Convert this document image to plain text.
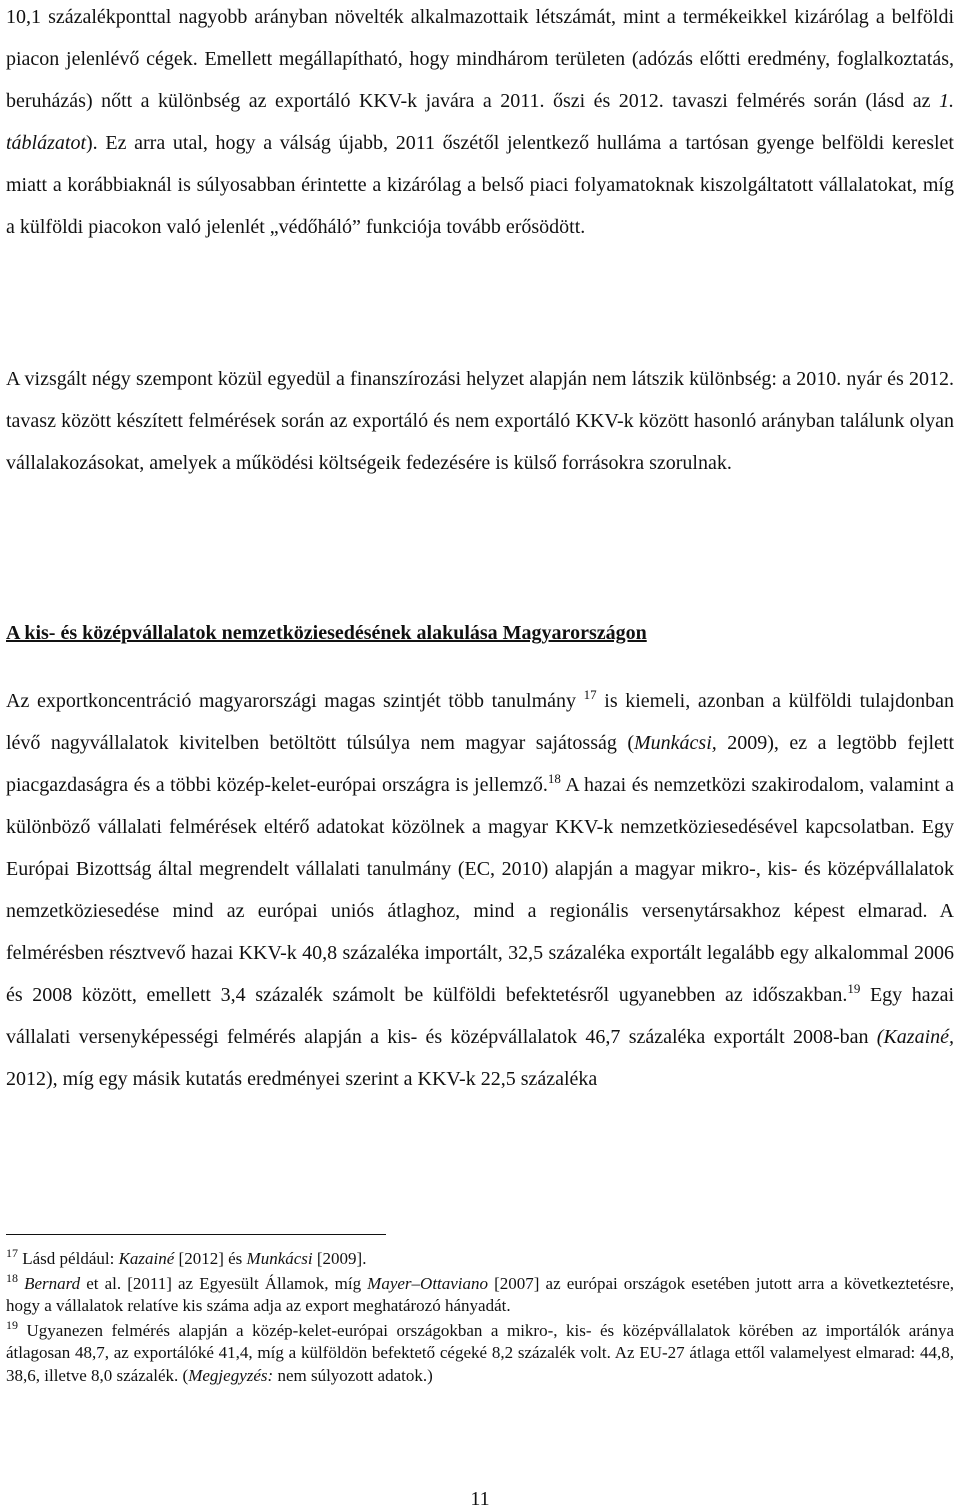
10,1 százalékponttal nagyobb arányban növelték alkalmazottaik létszámát, mint a termékeikkel kizárólag a belföldi piacon jelenlévő cégek. Emellett megállapítható, hogy mindhárom területen (adózás előtti eredmény, foglalkoztatás, beruházás) nőtt a különbség az exportáló KKV-k javára a 2011. őszi és 2012. tavaszi felmérés során (lásd az 1. táblázatot). Ez arra utal, hogy a válság újabb, 2011 őszétől jelentkező hulláma a tartósan gyenge belföldi kereslet miatt a korábbiaknál is súlyosabban érintette a kizárólag a belső piaci folyamatoknak kiszolgáltatott vállalatokat, míg a külföldi piacokon való jelenlét „védőháló” funkciója tovább erősödött.

A vizsgált négy szempont közül egyedül a finanszírozási helyzet alapján nem látszik különbség: a 2010. nyár és 2012. tavasz között készített felmérések során az exportáló és nem exportáló KKV-k között hasonló arányban találunk olyan vállalakozásokat, amelyek a működési költségeik fedezésére is külső forrásokra szorulnak.

A kis- és középvállalatok nemzetköziesedésének alakulása Magyarországon

Az exportkoncentráció magyarországi magas szintjét több tanulmány $^{17}$ is kiemeli, azonban a külföldi tulajdonban lévő nagyvállalatok kivitelben betöltött túlsúlya nem magyar sajátosság (Munkácsi, 2009), ez a legtöbb fejlett piacgazdaságra és a többi közép-kelet-európai országra is jellemző.$^{18}$ A hazai és nemzetközi szakirodalom, valamint a különböző vállalati felmérések eltérő adatokat közölnek a magyar KKV-k nemzetköziesedésével kapcsolatban. Egy Európai Bizottság által megrendelt vállalati tanulmány (EC, 2010) alapján a magyar mikro-, kis- és középvállalatok nemzetköziesedése mind az európai uniós átlaghoz, mind a regionális versenytársakhoz képest elmarad. A felmérésben résztvevő hazai KKV-k 40,8 százaléka importált, 32,5 százaléka exportált legalább egy alkalommal 2006 és 2008 között, emellett 3,4 százalék számolt be külföldi befektetésről ugyanebben az időszakban.$^{19}$ Egy hazai vállalati versenyképességi felmérés alapján a kis- és középvállalatok 46,7 százaléka exportált 2008-ban (Kazainé, 2012), míg egy másik kutatás eredményei szerint a KKV-k 22,5 százaléka

$^{17}$ Lásd például: Kazainé [2012] és Munkácsi [2009].

$^{18}$ Bernard et al. [2011] az Egyesült Államok, míg Mayer–Ottaviano [2007] az európai országok esetében jutott arra a következtetésre, hogy a vállalatok relatíve kis száma adja az export meghatározó hányadát.

$^{19}$ Ugyanezen felmérés alapján a közép-kelet-európai országokban a mikro-, kis- és középvállalatok körében az importálók aránya átlagosan 48,7, az exportálóké 41,4, míg a külföldön befektető cégeké 8,2 százalék volt. Az EU-27 átlaga ettől valamelyest elmarad: 44,8, 38,6, illetve 8,0 százalék. (Megjegyzés: nem súlyozott adatok.)

11
